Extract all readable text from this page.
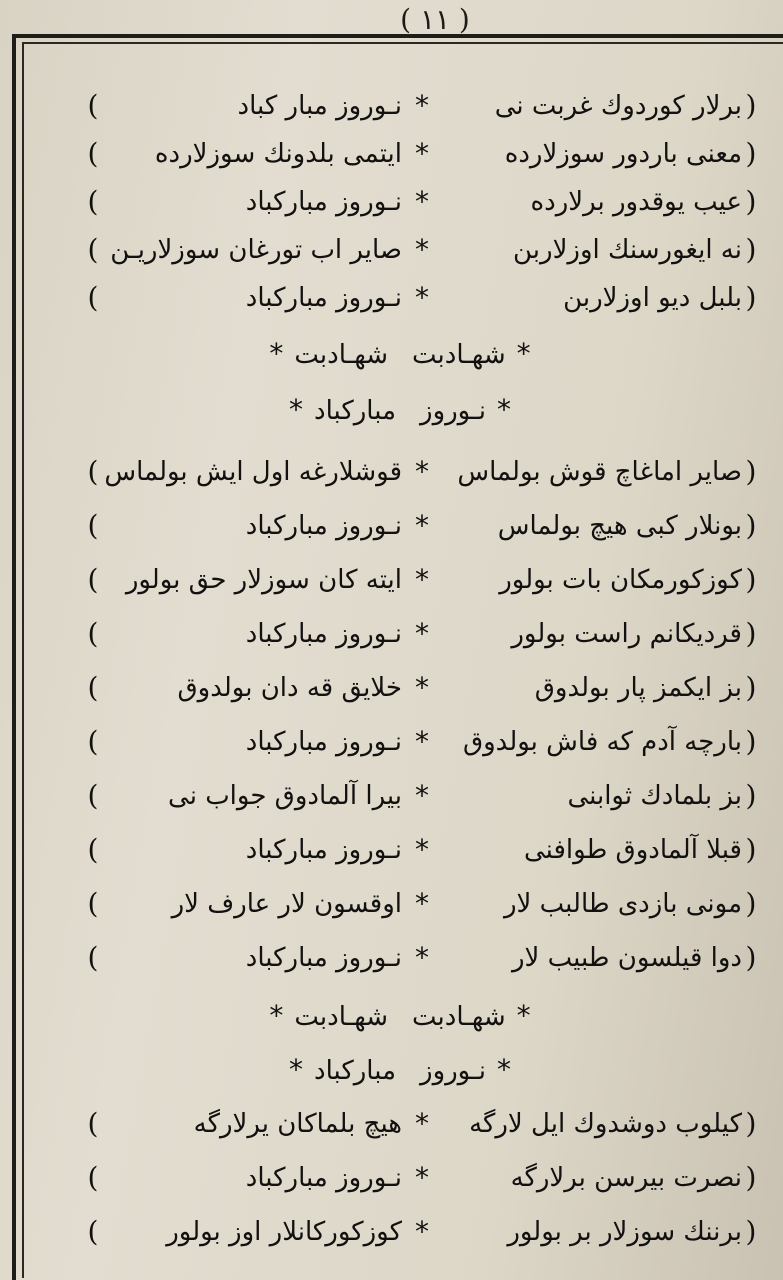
( ۱۱ )
(برلار كوردوك غربت نى*نـوروز مبار كباد)
(معنى باردور سوزلارده*ايتمى بلدونك سوزلارده)
(عيب يوقدور برلارده*نـوروز مباركباد)
(نه ايغورسنك اوزلاربن*صاير اب تورغان سوزلاريـن)
(بلبل ديو اوزلاربن*نـوروز مباركباد)
*شهـادبتشهـادبت*
*نـوروزمباركباد*
(صاير اماغاچ قوش بولماس*قوشلارغه اول ايش بولماس)
(بونلار كبى هيچ بولماس*نـوروز مباركباد)
(كوزكورمكان بات بولور*ايته كان سوزلار حق بولور)
(قرديكانم راست بولور*نـوروز مباركباد)
(بز ايكمز پار بولدوق*خلايق قه دان بولدوق)
(بارچه آدم كه فاش بولدوق*نـوروز مباركباد)
(بز بلمادك ثوابنى*بيرا آلمادوق جواب نى)
(قبلا آلمادوق طوافنى*نـوروز مباركباد)
(مونى بازدى طالبب لار*اوقسون لار عارف لار)
(دوا قيلسون طبيب لار*نـوروز مباركباد)
*شهـادبتشهـادبت*
*نـوروزمباركباد*
(كيلوب دوشدوك ايل لارگه*هيچ بلماكان يرلارگه)
(نصرت بيرسن برلارگه*نـوروز مباركباد)
(برننك سوزلار بر بولور*كوزكوركانلار اوز بولور)
